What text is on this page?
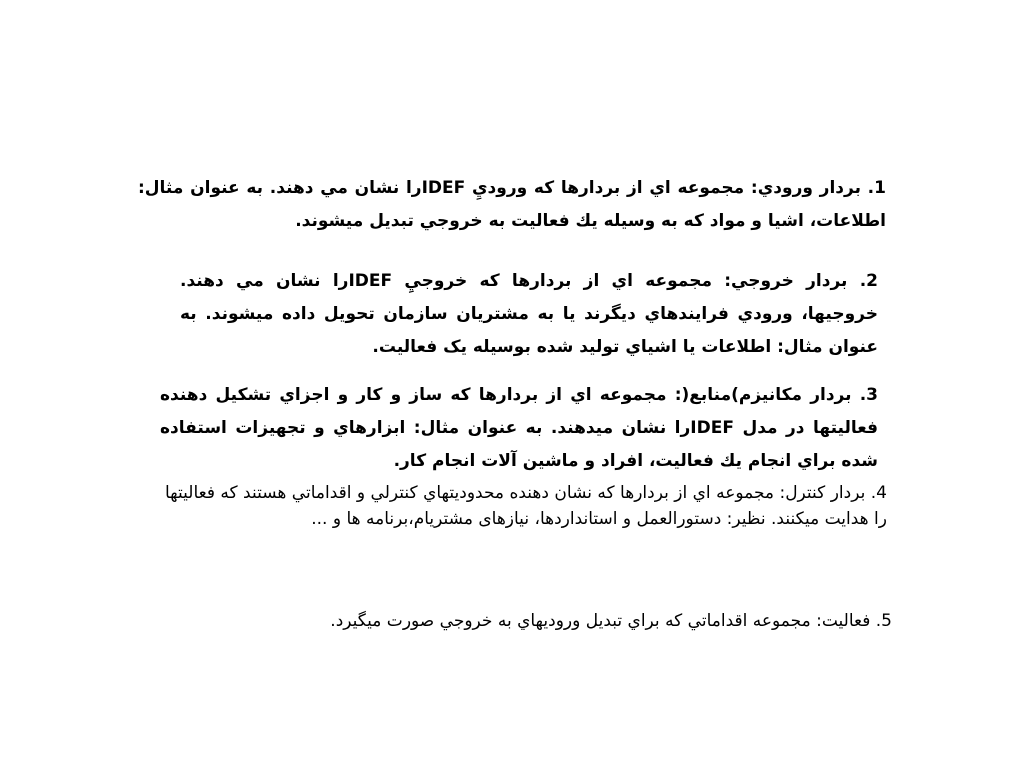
1. بردار ورودي: مجموعه اي از بردارها كه وروديِ IDEFرا نشان مي دهند. به عنوان مثال: اطلاعات، اشيا و مواد كه به وسيله يك فعاليت به خروجي تبديل ميشوند.

2. بردار خروجي: مجموعه اي از بردارها كه خروجيِ IDEFرا نشان مي دهند. خروجيها، ورودي فرايندهاي ديگرند يا به مشتريان سازمان تحويل داده ميشوند. به عنوان مثال: اطلاعات يا اشياي توليد شده بوسيله یک فعالیت.

3. بردار مكانيزم)منابع(: مجموعه اي از بردارها كه ساز و كار و اجزاي تشكيل دهنده فعاليتها در مدل IDEFرا نشان ميدهند. به عنوان مثال: ابزارهاي و تجهيزات استفاده شده براي انجام يك فعاليت، افراد و ماشين آلات انجام كار.

4. بردار كنترل: مجموعه اي از بردارها كه نشان دهنده محدوديتهاي كنترلي و اقداماتي هستند كه فعاليتها را هدايت ميكنند. نظير: دستورالعمل و استانداردها، نیازهای مشتریام،برنامه ها و ...

5. فعاليت: مجموعه اقداماتي كه براي تبديل وروديهاي به خروجي صورت ميگيرد.
